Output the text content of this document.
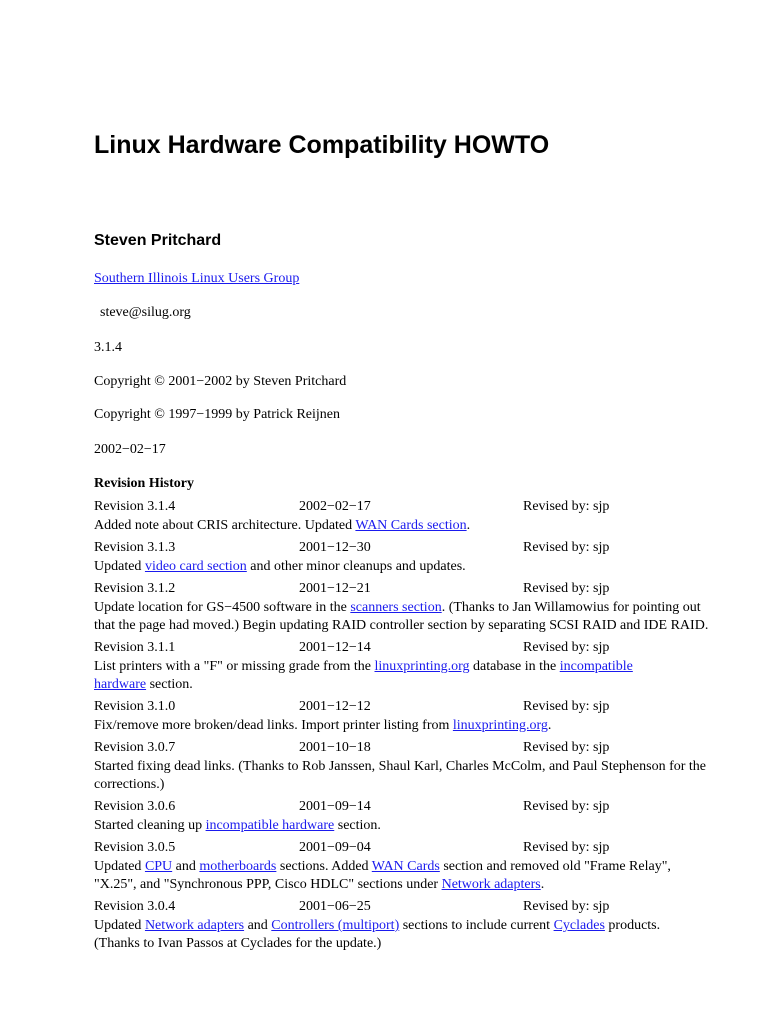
Linux Hardware Compatibility HOWTO
Steven Pritchard
Southern Illinois Linux Users Group
steve@silug.org
3.1.4
Copyright © 2001−2002 by Steven Pritchard
Copyright © 1997−1999 by Patrick Reijnen
2002−02−17
Revision History
Revision 3.1.4	2002−02−17	Revised by: sjp
Added note about CRIS architecture. Updated WAN Cards section.
Revision 3.1.3	2001−12−30	Revised by: sjp
Updated video card section and other minor cleanups and updates.
Revision 3.1.2	2001−12−21	Revised by: sjp
Update location for GS−4500 software in the scanners section. (Thanks to Jan Willamowius for pointing out
that the page had moved.) Begin updating RAID controller section by separating SCSI RAID and IDE RAID.
Revision 3.1.1	2001−12−14	Revised by: sjp
List printers with a "F" or missing grade from the linuxprinting.org database in the incompatible
hardware section.
Revision 3.1.0	2001−12−12	Revised by: sjp
Fix/remove more broken/dead links. Import printer listing from linuxprinting.org.
Revision 3.0.7	2001−10−18	Revised by: sjp
Started fixing dead links. (Thanks to Rob Janssen, Shaul Karl, Charles McColm, and Paul Stephenson for the
corrections.)
Revision 3.0.6	2001−09−14	Revised by: sjp
Started cleaning up incompatible hardware section.
Revision 3.0.5	2001−09−04	Revised by: sjp
Updated CPU and motherboards sections. Added WAN Cards section and removed old "Frame Relay",
"X.25", and "Synchronous PPP, Cisco HDLC" sections under Network adapters.
Revision 3.0.4	2001−06−25	Revised by: sjp
Updated Network adapters and Controllers (multiport) sections to include current Cyclades products.
(Thanks to Ivan Passos at Cyclades for the update.)
